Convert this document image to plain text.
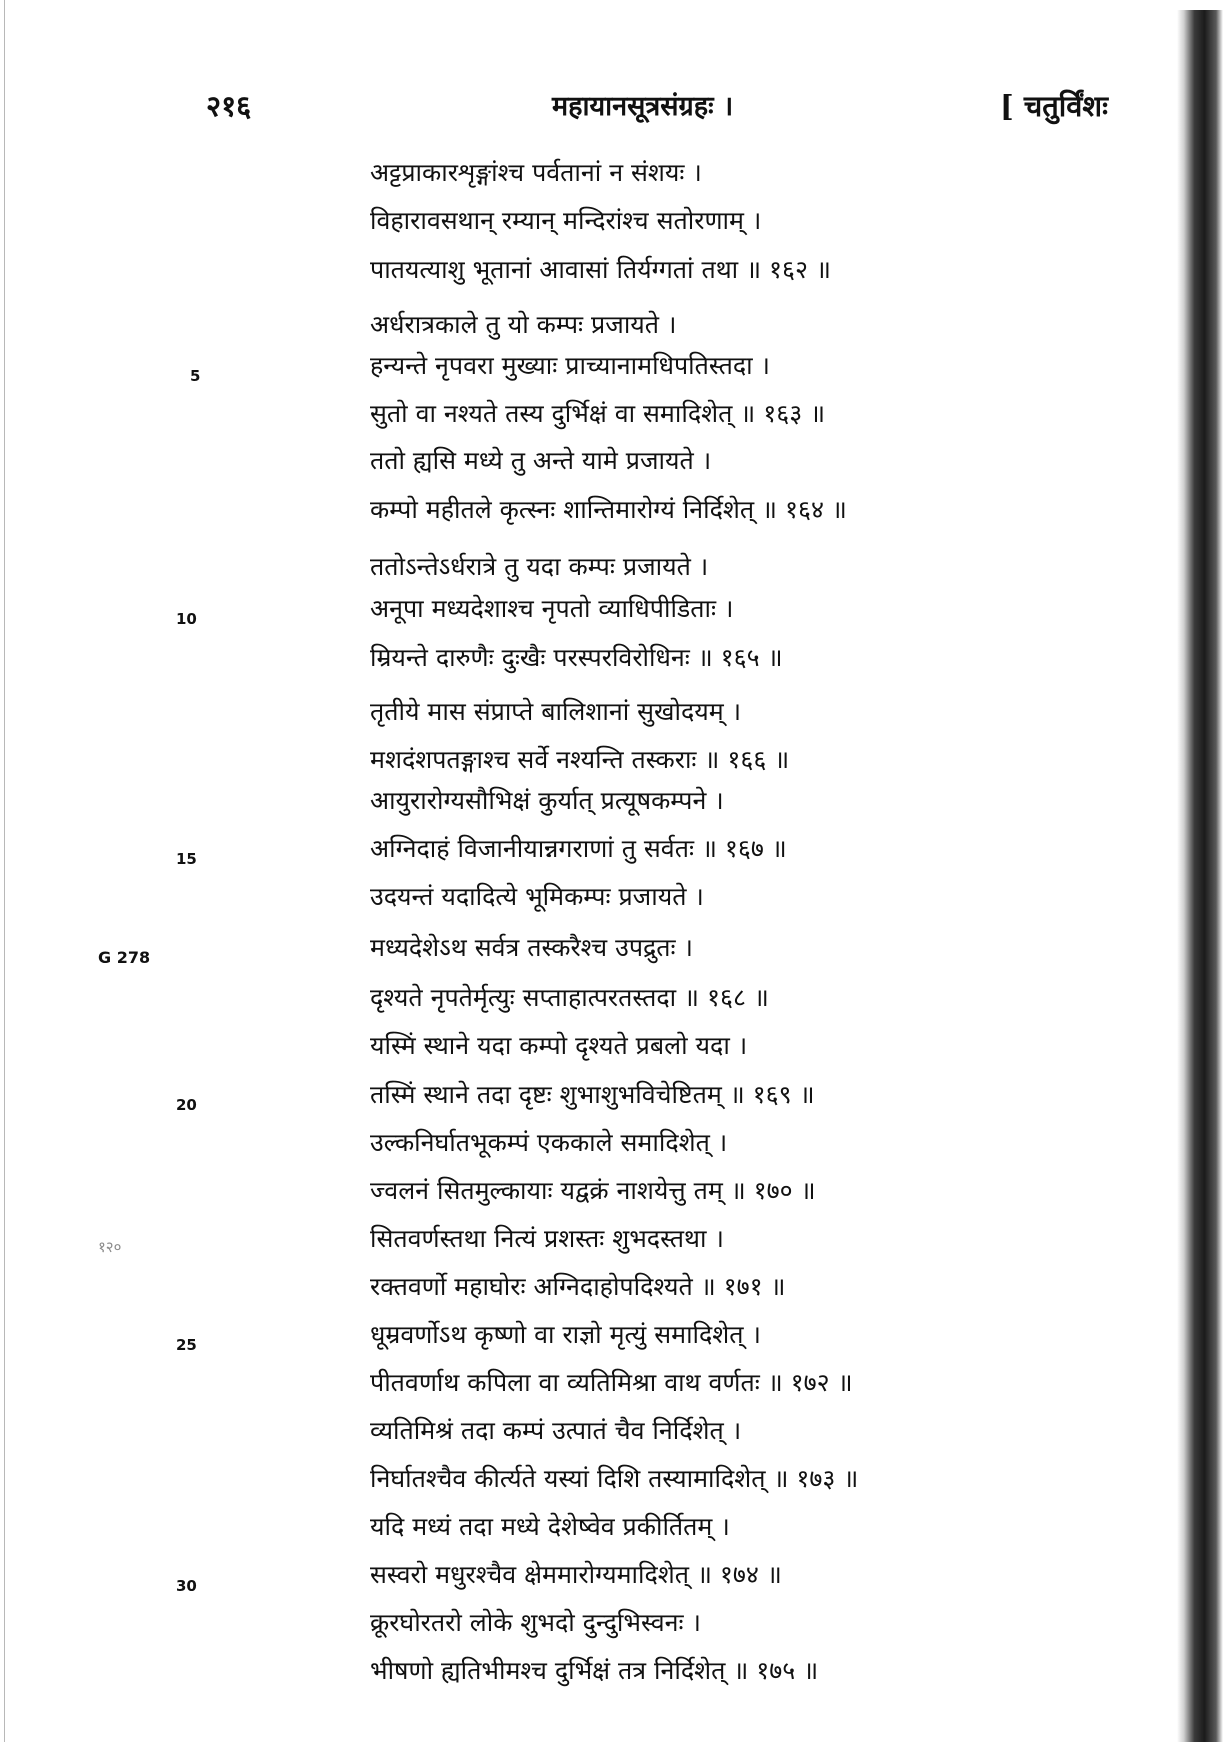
२१६	महायानसूत्रसंग्रहः ।	[ चतुर्विंशः
5
10
15
G 278
20
१२०
25
30
अट्टप्राकारशृङ्गांश्च पर्वतानां न संशयः ।
विहारावसथान् रम्यान् मन्दिरांश्च सतोरणाम् ।
पातयत्याशु भूतानां आवासां तिर्यग्गतां तथा ॥ १६२ ॥
अर्धरात्रकाले तु यो कम्पः प्रजायते ।
हन्यन्ते नृपवरा मुख्याः प्राच्यानामधिपतिस्तदा ।
सुतो वा नश्यते तस्य दुर्भिक्षं वा समादिशेत् ॥ १६३ ॥
ततो ह्यसि मध्ये तु अन्ते यामे प्रजायते ।
कम्पो महीतले कृत्स्नः शान्तिमारोग्यं निर्दिशेत् ॥ १६४ ॥
ततोऽन्तेऽर्धरात्रे तु यदा कम्पः प्रजायते ।
अनूपा मध्यदेशाश्च नृपतो व्याधिपीडिताः ।
म्रियन्ते दारुणैः दुःखैः परस्परविरोधिनः ॥ १६५ ॥
तृतीये मास संप्राप्ते बालिशानां सुखोदयम् ।
मशदंशपतङ्गाश्च सर्वे नश्यन्ति तस्कराः ॥ १६६ ॥
आयुरारोग्यसौभिक्षं कुर्यात् प्रत्यूषकम्पने ।
अग्निदाहं विजानीयान्नगराणां तु सर्वतः ॥ १६७ ॥
उदयन्तं यदादित्ये भूमिकम्पः प्रजायते ।
मध्यदेशेऽथ सर्वत्र तस्करैश्च उपद्रुतः ।
दृश्यते नृपतेर्मृत्युः सप्ताहात्परतस्तदा ॥ १६८ ॥
यस्मिं स्थाने यदा कम्पो दृश्यते प्रबलो यदा ।
तस्मिं स्थाने तदा दृष्टः शुभाशुभविचेष्टितम् ॥ १६९ ॥
उल्कनिर्घातभूकम्पं एककाले समादिशेत् ।
ज्वलनं सितमुल्कायाः यद्वक्रं नाशयेत्तु तम् ॥ १७० ॥
सितवर्णस्तथा नित्यं प्रशस्तः शुभदस्तथा ।
रक्तवर्णो महाघोरः अग्निदाहोपदिश्यते ॥ १७१ ॥
धूम्रवर्णोऽथ कृष्णो वा राज्ञो मृत्युं समादिशेत् ।
पीतवर्णाथ कपिला वा व्यतिमिश्रा वाथ वर्णतः ॥ १७२ ॥
व्यतिमिश्रं तदा कम्पं उत्पातं चैव निर्दिशेत् ।
निर्घातश्चैव कीर्त्यते यस्यां दिशि तस्यामादिशेत् ॥ १७३ ॥
यदि मध्यं तदा मध्ये देशेष्वेव प्रकीर्तितम् ।
सस्वरो मधुरश्चैव क्षेममारोग्यमादिशेत् ॥ १७४ ॥
क्रूरघोरतरो लोके शुभदो दुन्दुभिस्वनः ।
भीषणो ह्यतिभीमश्च दुर्भिक्षं तत्र निर्दिशेत् ॥ १७५ ॥
